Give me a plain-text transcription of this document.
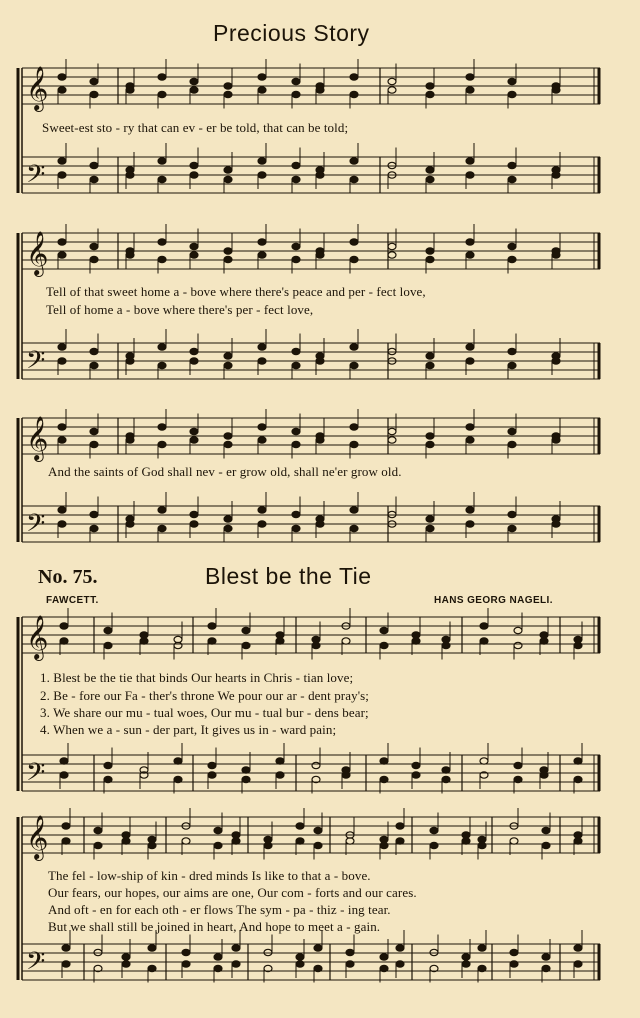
Precious Story
𝄞
𝄢
𝄞
𝄢
𝄞
𝄢
𝄞
𝄢
𝄞
𝄢
Sweet-est sto - ry that can ev - er be told, that can be told;
Tell of that sweet home a - bove where there's peace and per - fect love,
Tell of home a - bove where there's per - fect love,
And the saints of God shall nev - er grow old, shall ne'er grow old.
No. 75.	Blest be the Tie
FAWCETT.	HANS GEORG NAGELI.
1. Blest be the tie that binds Our hearts in Chris - tian love;
2. Be - fore our Fa - ther's throne We pour our ar - dent pray's;
3. We share our mu - tual woes, Our mu - tual bur - dens bear;
4. When we a - sun - der part, It gives us in - ward pain;
The fel - low-ship of kin - dred minds Is like to that a - bove.
Our fears, our hopes, our aims are one, Our com - forts and our cares.
And oft - en for each oth - er flows The sym - pa - thiz - ing tear.
But we shall still be joined in heart, And hope to meet a - gain.
